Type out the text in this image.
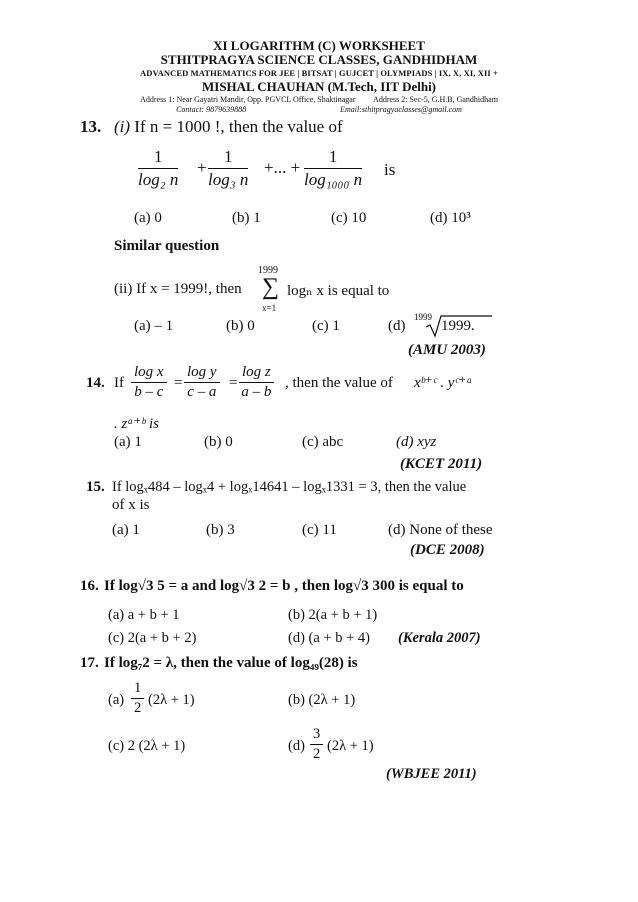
XI LOGARITHM (C) WORKSHEET
STHITPRAGYA SCIENCE CLASSES, GANDHIDHAM
ADVANCED MATHEMATICS FOR JEE | BITSAT | GUJCET | OLYMPIADS | IX, X, XI, XII +
MISHAL CHAUHAN (M.Tech, IIT Delhi)
Address 1: Near Gayatri Mandir, Opp. PGVCL Office, Shaktinagar Address 2: Sec-5, G.H.B, Gandhidham
Contact: 9879639888	Email:sthitpragyaclasses@gmail.com
13. (i) If n = 1000 !, then the value of
$\frac{1}{\text{log₂ n}} + \frac{1}{\text{log₃ n}}$ +... + $\frac{1}{\text{log₁₀₀₀ n}}$ is
(a) 0	(b) 1	(c) 10	(d) 10³
Similar question
1999
∑
x=1
(ii) If x = 1999!, then	logₙ x is equal to
(a) – 1	(b) 0	(c) 1	(d)
1999
1999.
(AMU 2003)
14. If $\frac{\text{log x}}{b - c} = \frac{\text{log y}}{c - a} = \frac{\text{log z}}{a - b}$ , then the value of xᵇ⁺ᶜ . yᶜ⁺ᵃ
. zᵃ⁺ᵇ is
(a) 1	(b) 0	(c) abc	(d) xyz
(KCET 2011)
15. If logₓ484 – logₓ4 + logₓ14641 – logₓ1331 = 3, then the value
of x is
(a) 1	(b) 3	(c) 11	(d) None of these
(DCE 2008)
16. If log√3 5 = a and log√3 2 = b , then log√3 300 is equal to
(a) a + b + 1	(b) 2(a + b + 1)
(c) 2(a + b + 2)	(d) (a + b + 4) (Kerala 2007)
17. If log₇2 = λ, then the value of log₄₉(28) is
$(a) \frac{1}{2} (2\lambda + 1)$	(b) (2λ + 1)
(c) 2 (2λ + 1)	$(d) \frac{3}{2} (2\lambda + 1)$
(WBJEE 2011)
